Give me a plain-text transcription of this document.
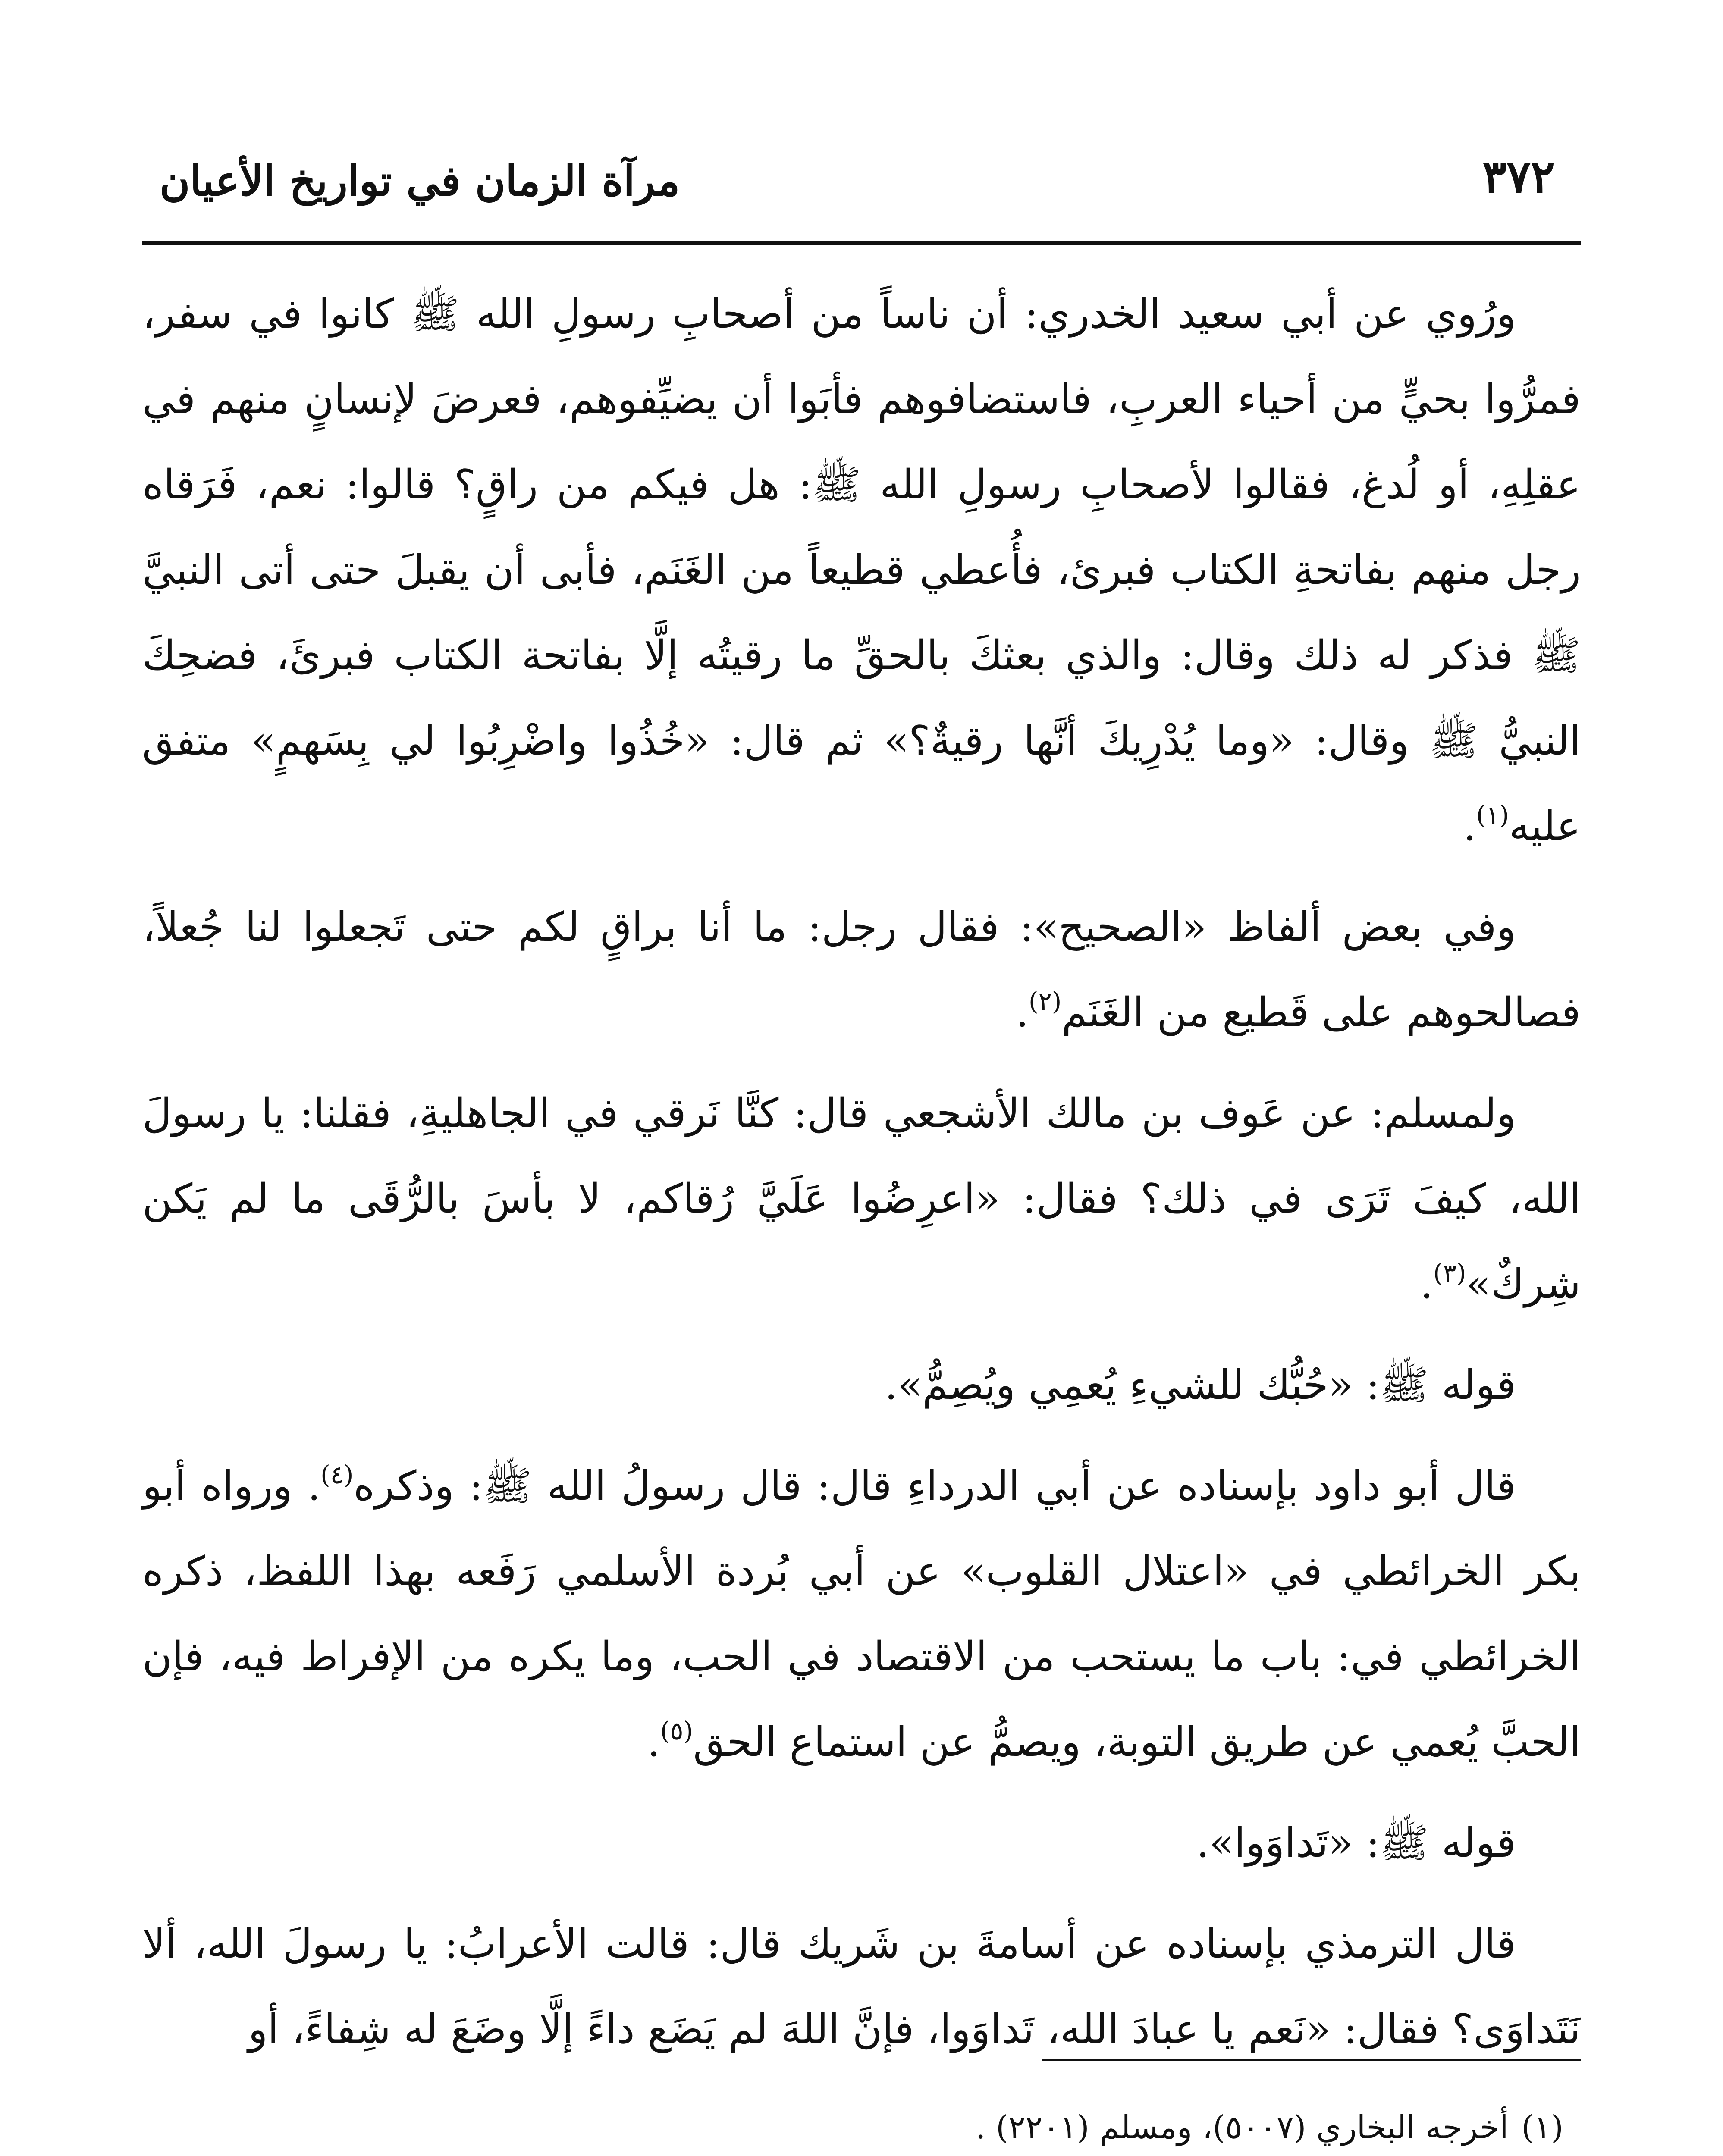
٣٧٢
مرآة الزمان في تواريخ الأعيان

ورُوي عن أبي سعيد الخدري: أن ناساً من أصحابِ رسولِ الله ﷺ كانوا في سفر، فمرُّوا بحيٍّ من أحياء العربِ، فاستضافوهم فأبَوا أن يضيِّفوهم، فعرضَ لإنسانٍ منهم في عقلِهِ، أو لُدغ، فقالوا لأصحابِ رسولِ الله ﷺ: هل فيكم من راقٍ؟ قالوا: نعم، فَرَقاه رجل منهم بفاتحةِ الكتاب فبرئ، فأُعطي قطيعاً من الغَنَم، فأبى أن يقبلَ حتى أتى النبيَّ ﷺ فذكر له ذلك وقال: والذي بعثكَ بالحقِّ ما رقيتُه إلَّا بفاتحة الكتاب فبرئَ، فضحِكَ النبيُّ ﷺ وقال: «وما يُدْرِيكَ أنَّها رقيةٌ؟» ثم قال: «خُذُوا واضْرِبُوا لي بِسَهمٍ» متفق عليه$^{(١)}$.

وفي بعض ألفاظ «الصحيح»: فقال رجل: ما أنا براقٍ لكم حتى تَجعلوا لنا جُعلاً، فصالحوهم على قَطيع من الغَنَم$^{(٢)}$.

ولمسلم: عن عَوف بن مالك الأشجعي قال: كنَّا نَرقي في الجاهليةِ، فقلنا: يا رسولَ الله، كيفَ تَرَى في ذلك؟ فقال: «اعرِضُوا عَلَيَّ رُقاكم، لا بأسَ بالرُّقَى ما لم يَكن شِركٌ»$^{(٣)}$.

قوله ﷺ: «حُبُّك للشيءِ يُعمِي ويُصِمُّ».

قال أبو داود بإسناده عن أبي الدرداءِ قال: قال رسولُ الله ﷺ: وذكره$^{(٤)}$. ورواه أبو بكر الخرائطي في «اعتلال القلوب» عن أبي بُردة الأسلمي رَفَعه بهذا اللفظ، ذكره الخرائطي في: باب ما يستحب من الاقتصاد في الحب، وما يكره من الإفراط فيه، فإن الحبَّ يُعمي عن طريق التوبة، ويصمُّ عن استماع الحق$^{(٥)}$.

قوله ﷺ: «تَداوَوا».

قال الترمذي بإسناده عن أسامةَ بن شَريك قال: قالت الأعرابُ: يا رسولَ الله، ألا نَتَداوَى؟ فقال: «نَعم يا عبادَ الله، تَداوَوا، فإنَّ اللهَ لم يَضَع داءً إلَّا وضَعَ له شِفاءً، أو

(١)أخرجه البخاري (٥٠٠٧)، ومسلم (٢٢٠١) .
